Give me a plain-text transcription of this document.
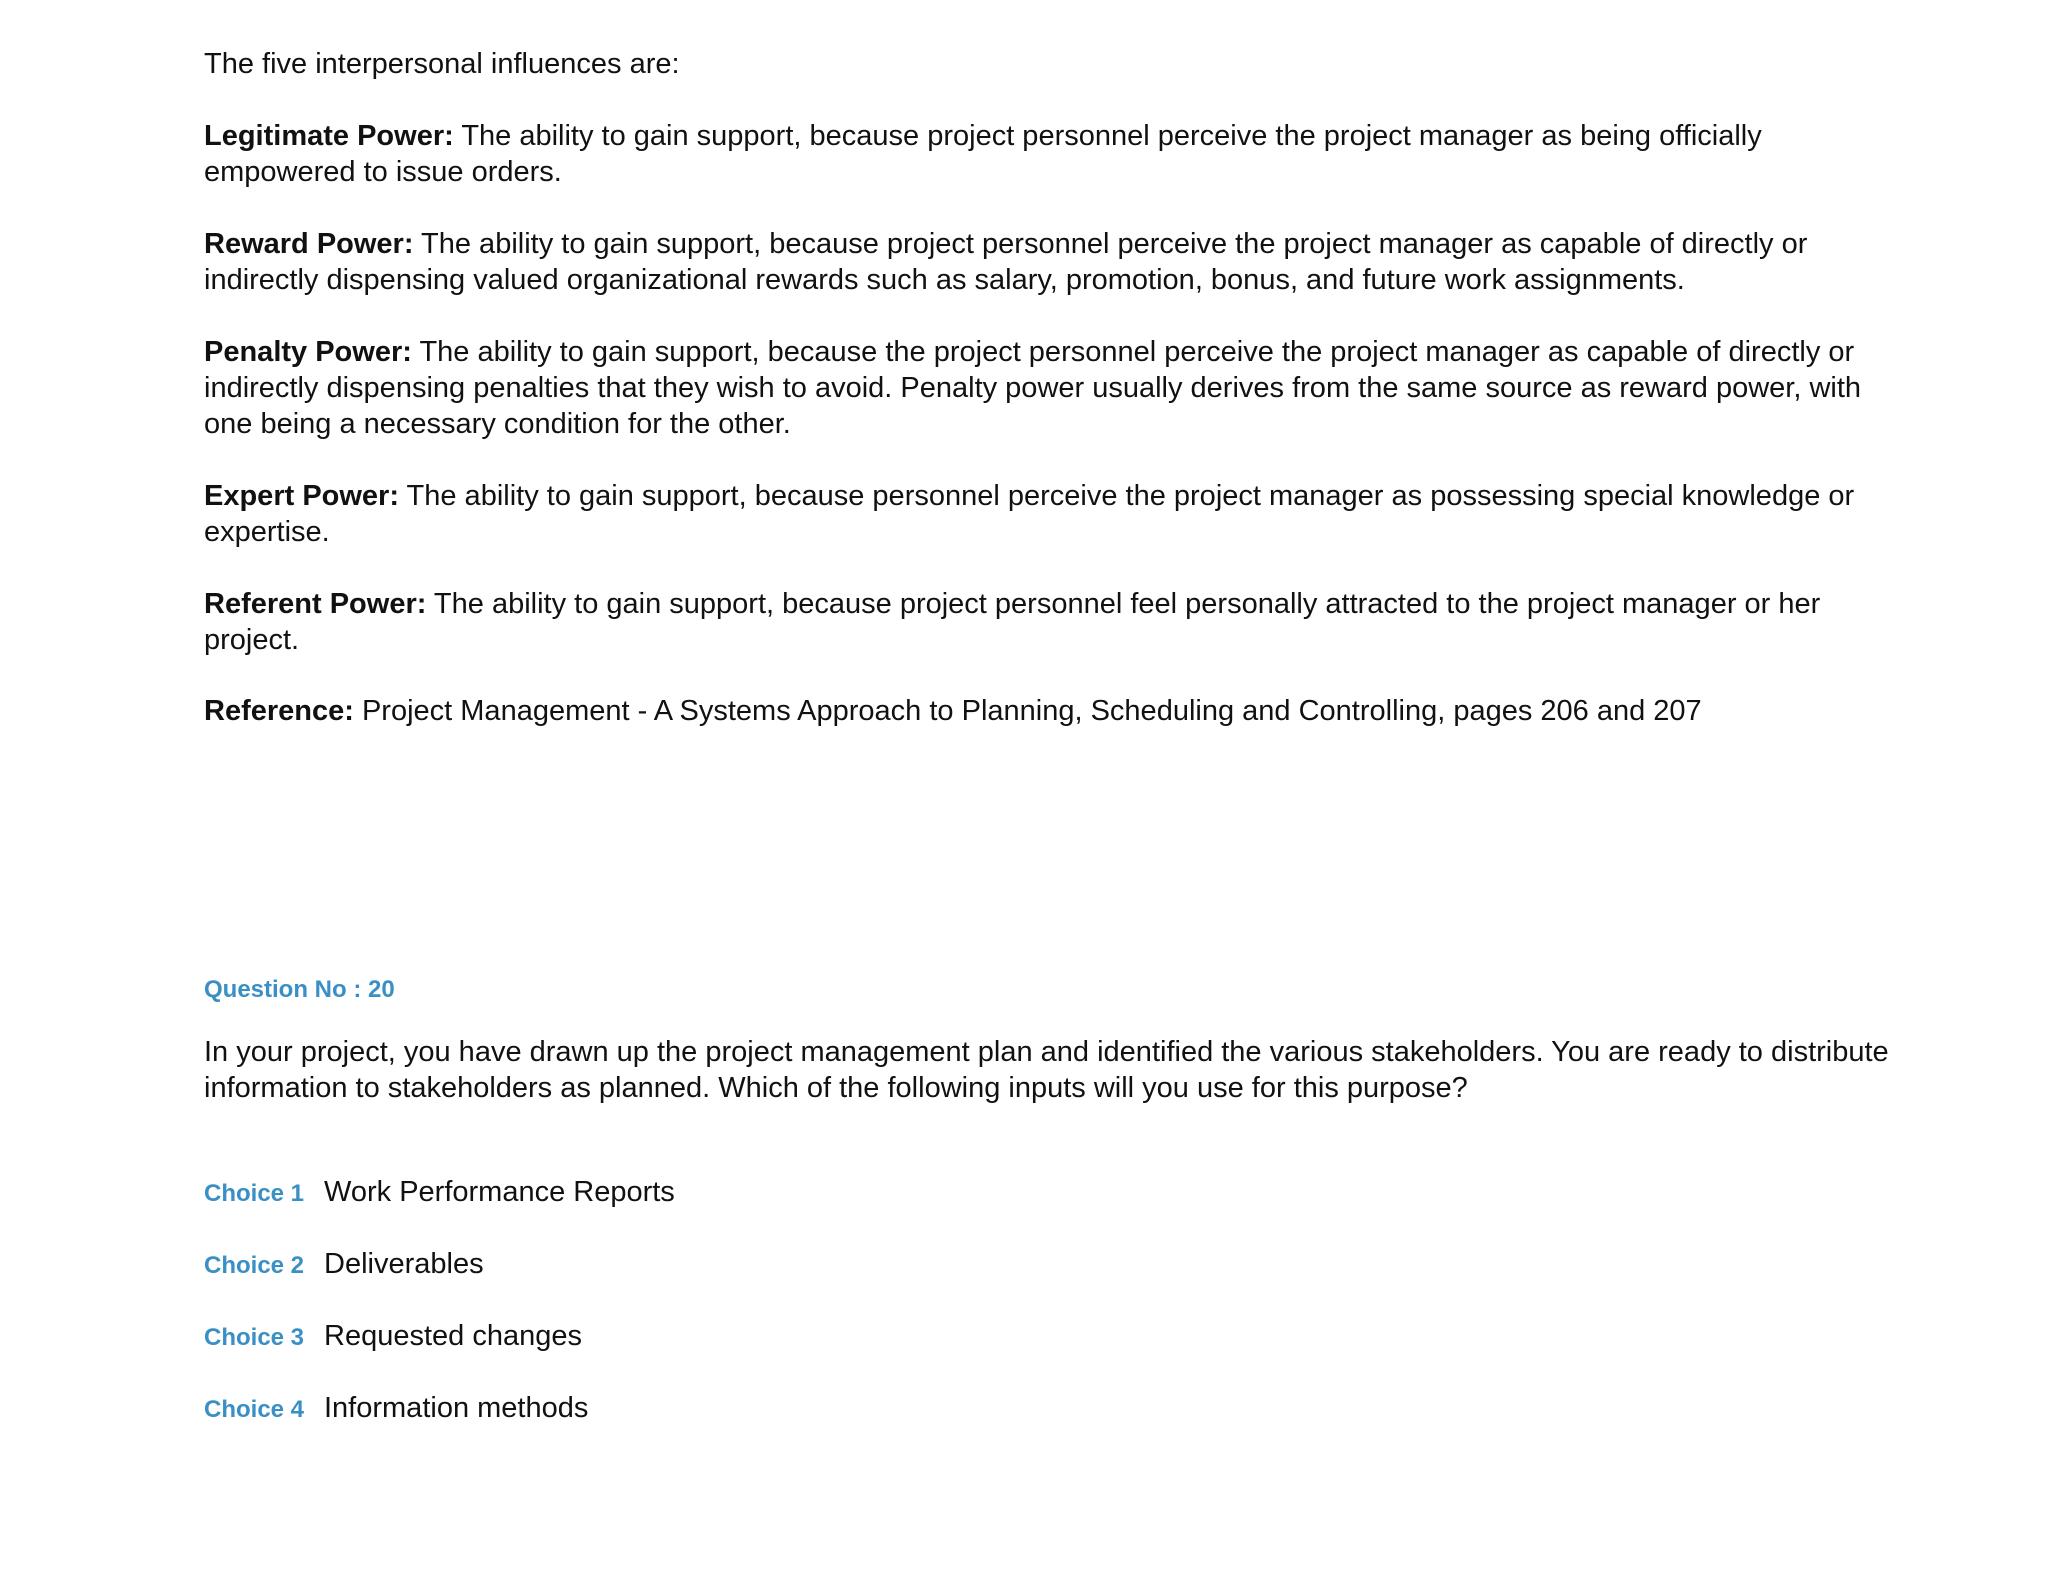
The five interpersonal influences are:

Legitimate Power: The ability to gain support, because project personnel perceive the project manager as being officially empowered to issue orders.

Reward Power: The ability to gain support, because project personnel perceive the project manager as capable of directly or indirectly dispensing valued organizational rewards such as salary, promotion, bonus, and future work assignments.

Penalty Power: The ability to gain support, because the project personnel perceive the project manager as capable of directly or indirectly dispensing penalties that they wish to avoid. Penalty power usually derives from the same source as reward power, with one being a necessary condition for the other.

Expert Power: The ability to gain support, because personnel perceive the project manager as possessing special knowledge or expertise.

Referent Power: The ability to gain support, because project personnel feel personally attracted to the project manager or her project.

Reference: Project Management - A Systems Approach to Planning, Scheduling and Controlling, pages 206 and 207

Question No : 20

In your project, you have drawn up the project management plan and identified the various stakeholders. You are ready to distribute information to stakeholders as planned. Which of the following inputs will you use for this purpose?

Choice 1 Work Performance Reports
Choice 2 Deliverables
Choice 3 Requested changes
Choice 4 Information methods
